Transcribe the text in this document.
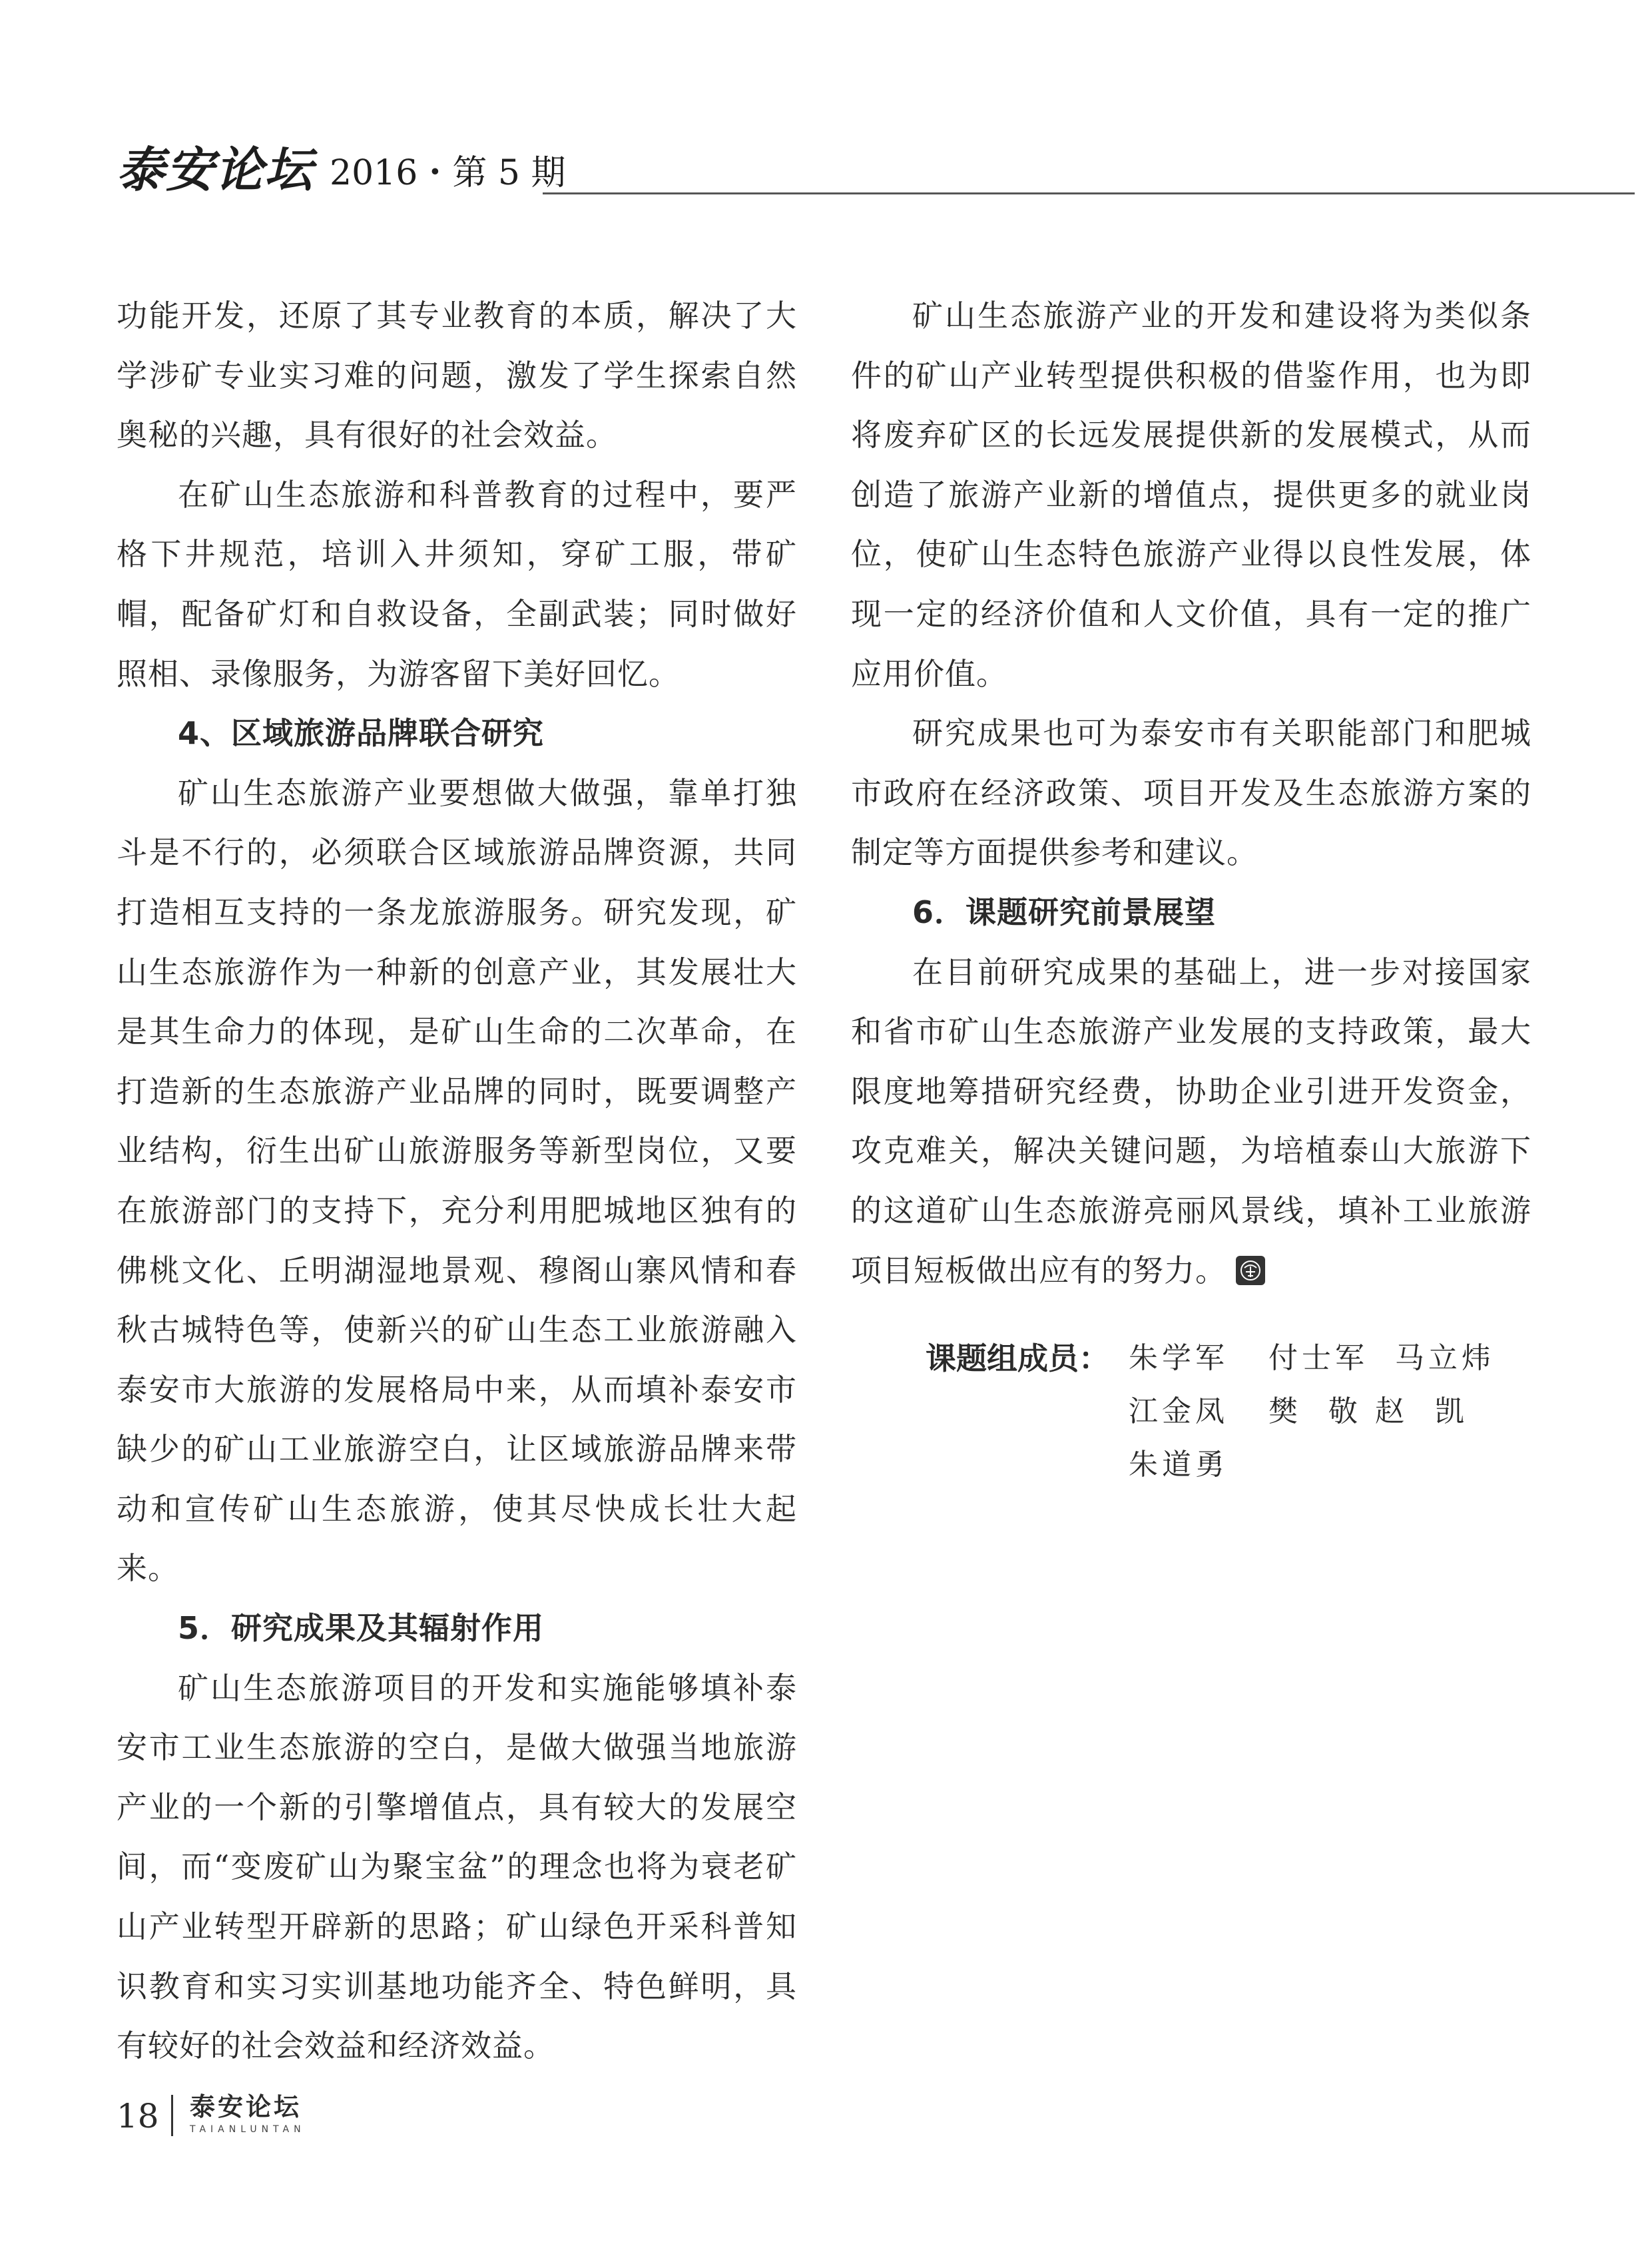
泰安论坛 2016・第 5 期

功能开发，还原了其专业教育的本质，解决了大学涉矿专业实习难的问题，激发了学生探索自然奥秘的兴趣，具有很好的社会效益。

在矿山生态旅游和科普教育的过程中，要严格下井规范，培训入井须知，穿矿工服，带矿帽，配备矿灯和自救设备，全副武装；同时做好照相、录像服务，为游客留下美好回忆。

4、区域旅游品牌联合研究

矿山生态旅游产业要想做大做强，靠单打独斗是不行的，必须联合区域旅游品牌资源，共同打造相互支持的一条龙旅游服务。研究发现，矿山生态旅游作为一种新的创意产业，其发展壮大是其生命力的体现，是矿山生命的二次革命，在打造新的生态旅游产业品牌的同时，既要调整产业结构，衍生出矿山旅游服务等新型岗位，又要在旅游部门的支持下，充分利用肥城地区独有的佛桃文化、丘明湖湿地景观、穆阁山寨风情和春秋古城特色等，使新兴的矿山生态工业旅游融入泰安市大旅游的发展格局中来，从而填补泰安市缺少的矿山工业旅游空白，让区域旅游品牌来带动和宣传矿山生态旅游，使其尽快成长壮大起来。

5．研究成果及其辐射作用

矿山生态旅游项目的开发和实施能够填补泰安市工业生态旅游的空白，是做大做强当地旅游产业的一个新的引擎增值点，具有较大的发展空间，而“变废矿山为聚宝盆”的理念也将为衰老矿山产业转型开辟新的思路；矿山绿色开采科普知识教育和实习实训基地功能齐全、特色鲜明，具有较好的社会效益和经济效益。

矿山生态旅游产业的开发和建设将为类似条件的矿山产业转型提供积极的借鉴作用，也为即将废弃矿区的长远发展提供新的发展模式，从而创造了旅游产业新的增值点，提供更多的就业岗位，使矿山生态特色旅游产业得以良性发展，体现一定的经济价值和人文价值，具有一定的推广应用价值。

研究成果也可为泰安市有关职能部门和肥城市政府在经济政策、项目开发及生态旅游方案的制定等方面提供参考和建议。

6．课题研究前景展望

在目前研究成果的基础上，进一步对接国家和省市矿山生态旅游产业发展的支持政策，最大限度地筹措研究经费，协助企业引进开发资金，攻克难关，解决关键问题，为培植泰山大旅游下的这道矿山生态旅游亮丽风景线，填补工业旅游项目短板做出应有的努力。

课题组成员： 朱学军   付士军  马立炜
江金凤   樊  敬 赵  凯
朱道勇
18 泰安论坛
TAIANLUNTAN
